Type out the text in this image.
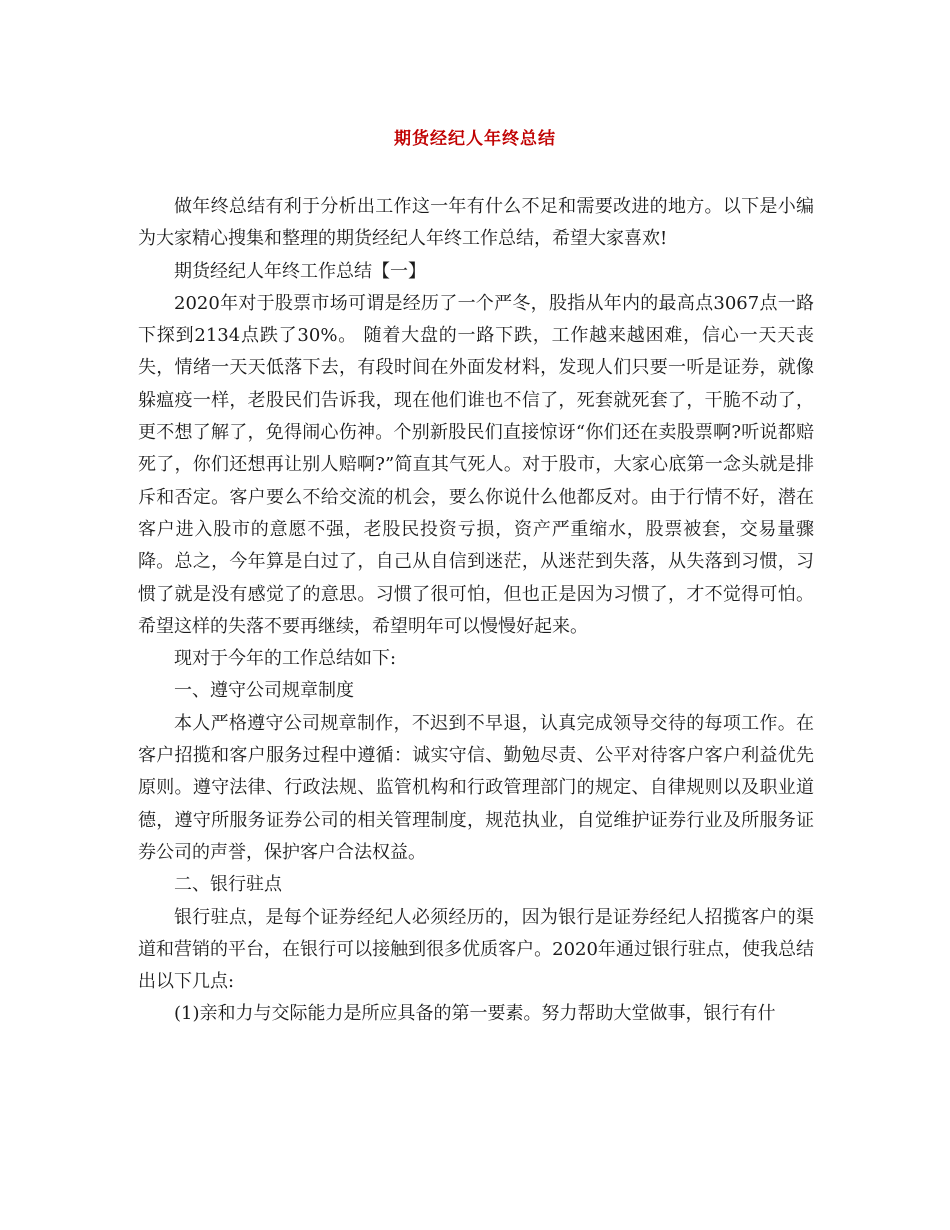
期货经纪人年终总结

做年终总结有利于分析出工作这一年有什么不足和需要改进的地方。以下是小编为大家精心搜集和整理的期货经纪人年终工作总结，希望大家喜欢!

期货经纪人年终工作总结【一】

2020年对于股票市场可谓是经历了一个严冬，股指从年内的最高点3067点一路下探到2134点跌了30%。 随着大盘的一路下跌，工作越来越困难，信心一天天丧失，情绪一天天低落下去，有段时间在外面发材料，发现人们只要一听是证券，就像躲瘟疫一样，老股民们告诉我，现在他们谁也不信了，死套就死套了，干脆不动了，更不想了解了，免得闹心伤神。个别新股民们直接惊讶“你们还在卖股票啊?听说都赔死了，你们还想再让别人赔啊?”简直其气死人。对于股市，大家心底第一念头就是排斥和否定。客户要么不给交流的机会，要么你说什么他都反对。由于行情不好，潜在客户进入股市的意愿不强，老股民投资亏损，资产严重缩水，股票被套，交易量骤降。总之，今年算是白过了，自己从自信到迷茫，从迷茫到失落，从失落到习惯，习惯了就是没有感觉了的意思。习惯了很可怕，但也正是因为习惯了，才不觉得可怕。希望这样的失落不要再继续，希望明年可以慢慢好起来。

现对于今年的工作总结如下:

一、遵守公司规章制度

本人严格遵守公司规章制作，不迟到不早退，认真完成领导交待的每项工作。在客户招揽和客户服务过程中遵循：诚实守信、勤勉尽责、公平对待客户客户利益优先原则。遵守法律、行政法规、监管机构和行政管理部门的规定、自律规则以及职业道德，遵守所服务证券公司的相关管理制度，规范执业，自觉维护证券行业及所服务证券公司的声誉，保护客户合法权益。

二、银行驻点

银行驻点，是每个证券经纪人必须经历的，因为银行是证券经纪人招揽客户的渠道和营销的平台，在银行可以接触到很多优质客户。2020年通过银行驻点，使我总结出以下几点:

(1)亲和力与交际能力是所应具备的第一要素。努力帮助大堂做事，银行有什
